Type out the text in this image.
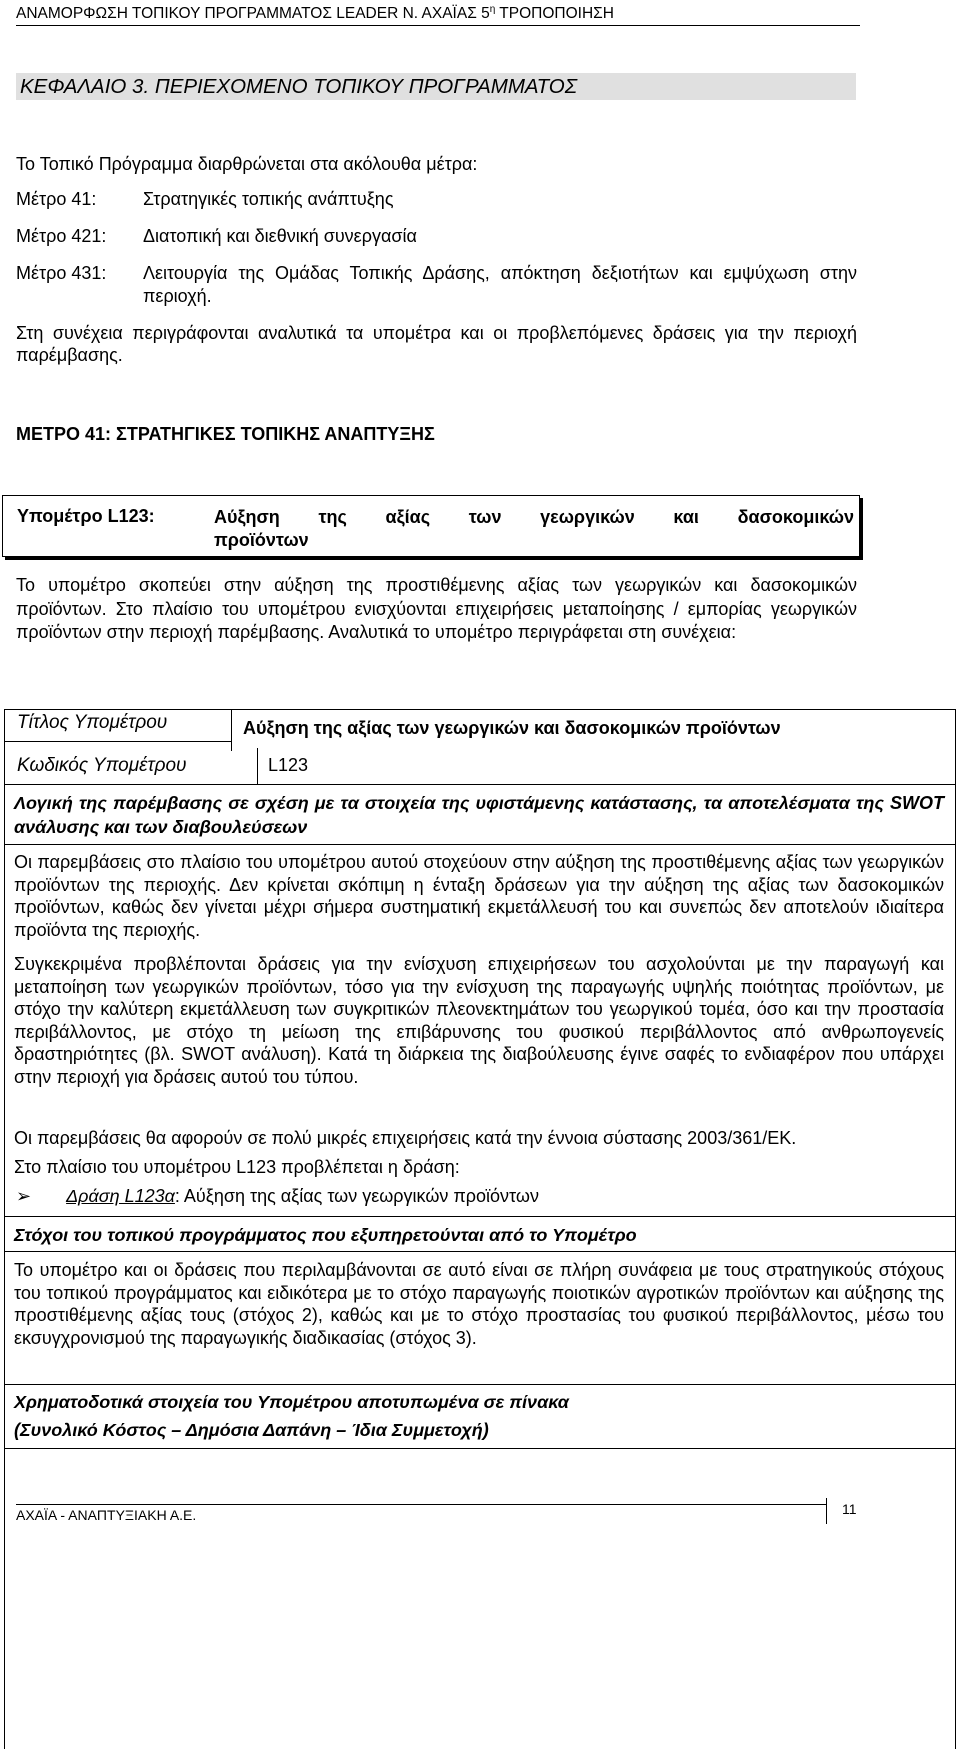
ΑΝΑΜΟΡΦΩΣΗ ΤΟΠΙΚΟΥ ΠΡΟΓΡΑΜΜΑΤΟΣ LEADER Ν. ΑΧΑΪΑΣ $5^\eta$ ΤΡΟΠΟΠΟΙΗΣΗ
ΚΕΦΑΛΑΙΟ 3. ΠΕΡΙΕΧΟΜΕΝΟ ΤΟΠΙΚΟΥ ΠΡΟΓΡΑΜΜΑΤΟΣ
Το Τοπικό Πρόγραμμα διαρθρώνεται στα ακόλουθα μέτρα:
Μέτρο 41:	Στρατηγικές τοπικής ανάπτυξης
Μέτρο 421: Διατοπική και διεθνική συνεργασία
Μέτρο 431: Λειτουργία της Ομάδας Τοπικής Δράσης, απόκτηση δεξιοτήτων και εμψύχωση στην περιοχή.
Στη συνέχεια περιγράφονται αναλυτικά τα υπομέτρα και οι προβλεπόμενες δράσεις για την περιοχή παρέμβασης.
ΜΕΤΡΟ 41: ΣΤΡΑΤΗΓΙΚΕΣ ΤΟΠΙΚΗΣ ΑΝΑΠΤΥΞΗΣ
Υπομέτρο L123:	Αύξηση της αξίας των γεωργικών και δασοκομικών
προϊόντων
Το υπομέτρο σκοπεύει στην αύξηση της προστιθέμενης αξίας των γεωργικών και δασοκομικών προϊόντων. Στο πλαίσιο του υπομέτρου ενισχύονται επιχειρήσεις μεταποίησης / εμπορίας γεωργικών προϊόντων στην περιοχή παρέμβασης. Αναλυτικά το υπομέτρο περιγράφεται στη συνέχεια:
Τίτλος Υπομέτρου	Αύξηση της αξίας των γεωργικών και δασοκομικών προϊόντων
Κωδικός Υπομέτρου	L123
Λογική της παρέμβασης σε σχέση με τα στοιχεία της υφιστάμενης κατάστασης, τα αποτελέσματα της SWOT ανάλυσης και των διαβουλεύσεων
Οι παρεμβάσεις στο πλαίσιο του υπομέτρου αυτού στοχεύουν στην αύξηση της προστιθέμενης αξίας των γεωργικών προϊόντων της περιοχής. Δεν κρίνεται σκόπιμη η ένταξη δράσεων για την αύξηση της αξίας των δασοκομικών προϊόντων, καθώς δεν γίνεται μέχρι σήμερα συστηματική εκμετάλλευσή του και συνεπώς δεν αποτελούν ιδιαίτερα προϊόντα της περιοχής.
Συγκεκριμένα προβλέπονται δράσεις για την ενίσχυση επιχειρήσεων του ασχολούνται με την παραγωγή και μεταποίηση των γεωργικών προϊόντων, τόσο για την ενίσχυση της παραγωγής υψηλής ποιότητας προϊόντων, με στόχο την καλύτερη εκμετάλλευση των συγκριτικών πλεονεκτημάτων του γεωργικού τομέα, όσο και την προστασία περιβάλλοντος, με στόχο τη μείωση της επιβάρυνσης του φυσικού περιβάλλοντος από ανθρωπογενείς δραστηριότητες (βλ. SWOT ανάλυση). Κατά τη διάρκεια της διαβούλευσης έγινε σαφές το ενδιαφέρον που υπάρχει στην περιοχή για δράσεις αυτού του τύπου.
Οι παρεμβάσεις θα αφορούν σε πολύ μικρές επιχειρήσεις κατά την έννοια σύστασης 2003/361/ΕΚ.
Στο πλαίσιο του υπομέτρου L123 προβλέπεται η δράση:
➢ Δράση L123α: Αύξηση της αξίας των γεωργικών προϊόντων
Στόχοι του τοπικού προγράμματος που εξυπηρετούνται από το Υπομέτρο
Το υπομέτρο και οι δράσεις που περιλαμβάνονται σε αυτό είναι σε πλήρη συνάφεια με τους στρατηγικούς στόχους του τοπικού προγράμματος και ειδικότερα με το στόχο παραγωγής ποιοτικών αγροτικών προϊόντων και αύξησης της προστιθέμενης αξίας τους (στόχος 2), καθώς και με το στόχο προστασίας του φυσικού περιβάλλοντος, μέσω του εκσυγχρονισμού της παραγωγικής διαδικασίας (στόχος 3).
Χρηματοδοτικά στοιχεία του Υπομέτρου αποτυπωμένα σε πίνακα
(Συνολικό Κόστος – Δημόσια Δαπάνη – Ίδια Συμμετοχή)
ΑΧΑΪΑ - ΑΝΑΠΤΥΞΙΑΚΗ Α.Ε.	11
